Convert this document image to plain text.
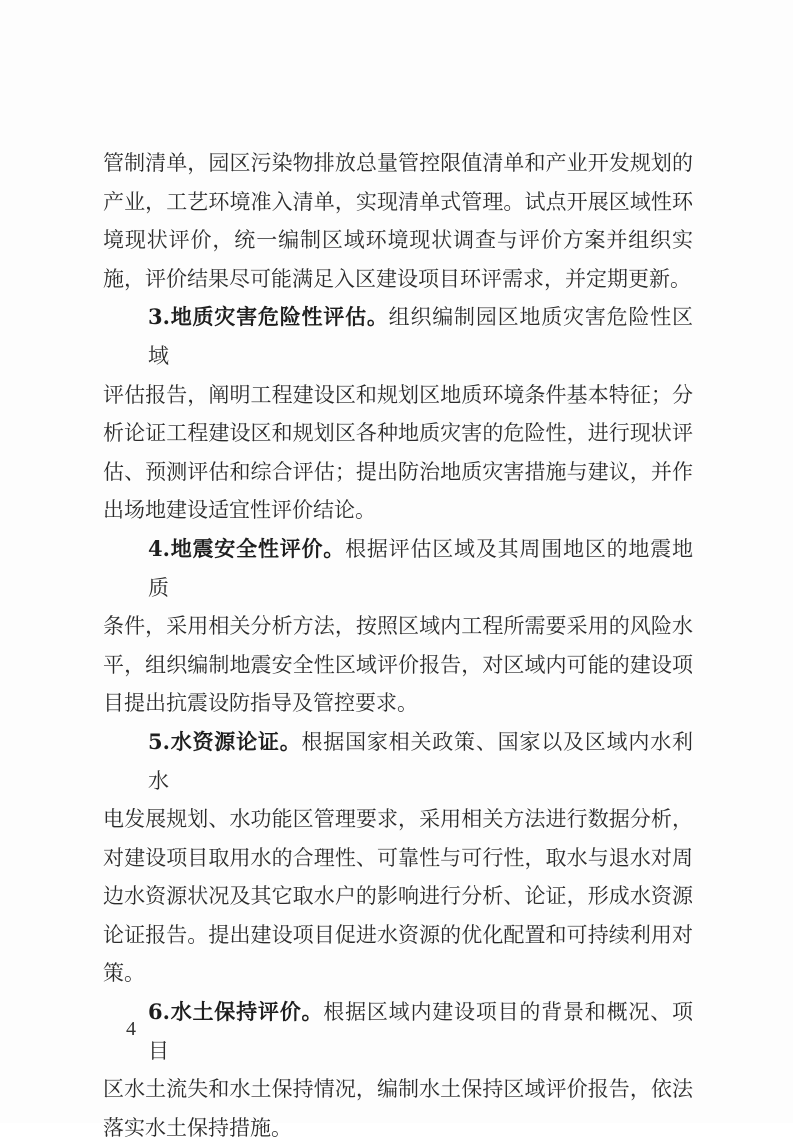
管制清单，园区污染物排放总量管控限值清单和产业开发规划的
产业，工艺环境准入清单，实现清单式管理。试点开展区域性环
境现状评价，统一编制区域环境现状调查与评价方案并组织实
施，评价结果尽可能满足入区建设项目环评需求，并定期更新。
3.地质灾害危险性评估。组织编制园区地质灾害危险性区域
评估报告，阐明工程建设区和规划区地质环境条件基本特征；分
析论证工程建设区和规划区各种地质灾害的危险性，进行现状评
估、预测评估和综合评估；提出防治地质灾害措施与建议，并作
出场地建设适宜性评价结论。
4.地震安全性评价。根据评估区域及其周围地区的地震地质
条件，采用相关分析方法，按照区域内工程所需要采用的风险水
平，组织编制地震安全性区域评价报告，对区域内可能的建设项
目提出抗震设防指导及管控要求。
5.水资源论证。根据国家相关政策、国家以及区域内水利水
电发展规划、水功能区管理要求，采用相关方法进行数据分析，
对建设项目取用水的合理性、可靠性与可行性，取水与退水对周
边水资源状况及其它取水户的影响进行分析、论证，形成水资源
论证报告。提出建设项目促进水资源的优化配置和可持续利用对
策。
6.水土保持评价。根据区域内建设项目的背景和概况、项目
区水土流失和水土保持情况，编制水土保持区域评价报告，依法
落实水土保持措施。
4
